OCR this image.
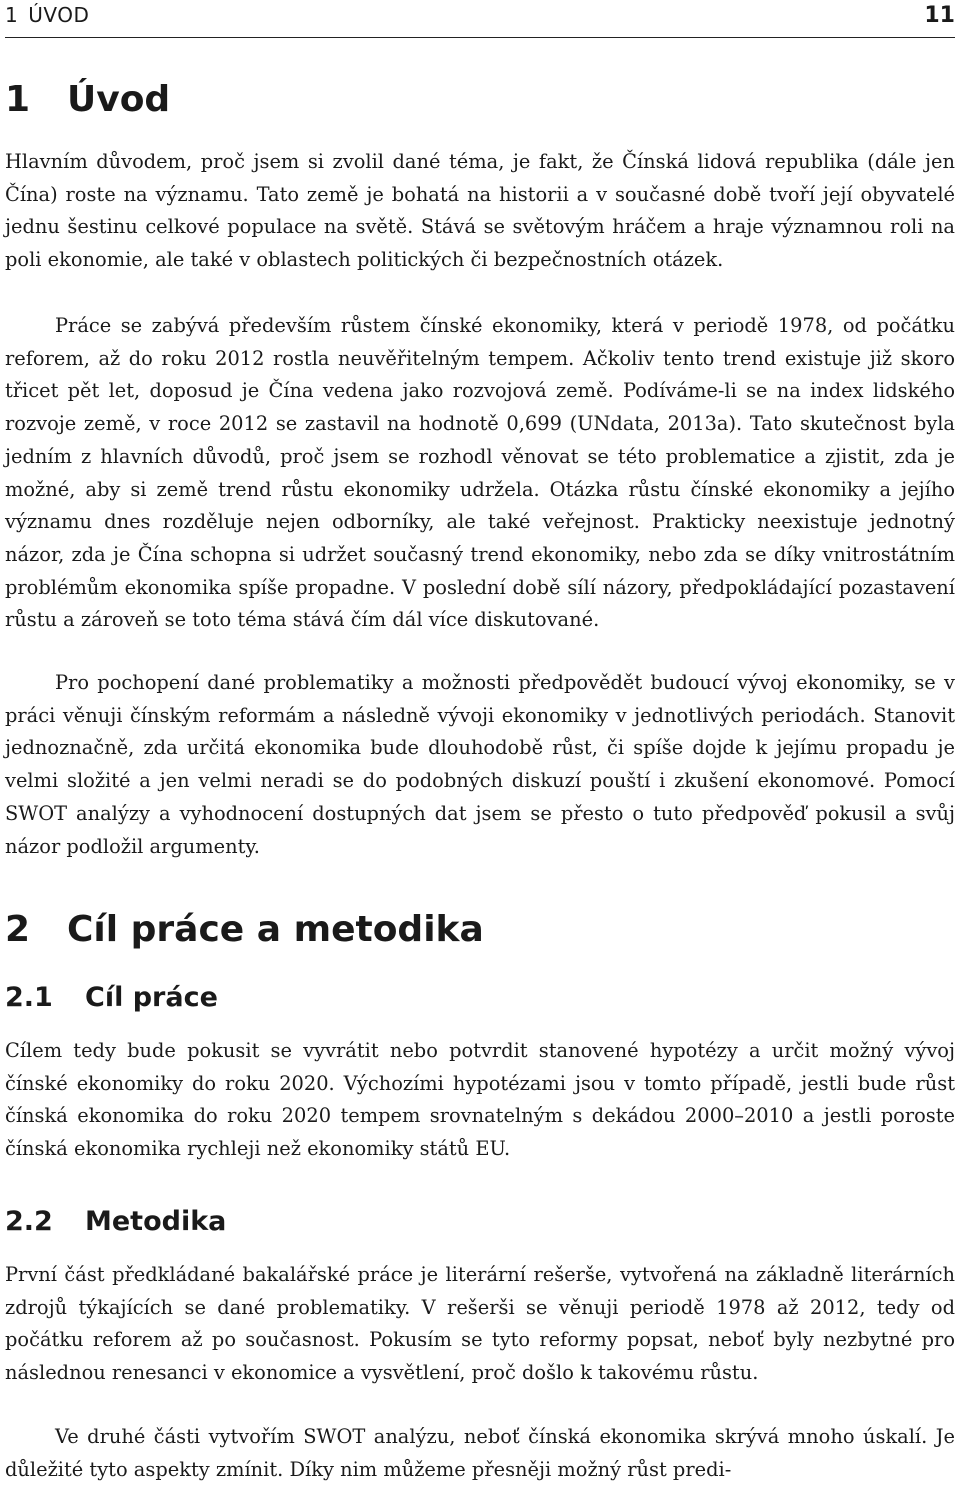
1 ÚVOD	11
1 Úvod

Hlavním důvodem, proč jsem si zvolil dané téma, je fakt, že Čínská lidová republika (dále jen Čína) roste na významu. Tato země je bohatá na historii a v současné době tvoří její obyvatelé jednu šestinu celkové populace na světě. Stává se světovým hráčem a hraje významnou roli na poli ekonomie, ale také v oblastech politických či bezpečnostních otázek.

Práce se zabývá především růstem čínské ekonomiky, která v periodě 1978, od počátku reforem, až do roku 2012 rostla neuvěřitelným tempem. Ačkoliv tento trend existuje již skoro třicet pět let, doposud je Čína vedena jako rozvojová země. Podíváme-li se na index lidského rozvoje země, v roce 2012 se zastavil na hodnotě 0,699 (UNdata, 2013a). Tato skutečnost byla jedním z hlavních důvodů, proč jsem se rozhodl věnovat se této problematice a zjistit, zda je možné, aby si země trend růstu ekonomiky udržela. Otázka růstu čínské ekonomiky a jejího významu dnes rozděluje nejen odborníky, ale také veřejnost. Prakticky neexistuje jednotný názor, zda je Čína schopna si udržet současný trend ekonomiky, nebo zda se díky vnitrostátním problémům ekonomika spíše propadne. V poslední době sílí názory, předpokládající pozastavení růstu a zároveň se toto téma stává čím dál více diskutované.

Pro pochopení dané problematiky a možnosti předpovědět budoucí vývoj ekonomiky, se v práci věnuji čínským reformám a následně vývoji ekonomiky v jednotlivých periodách. Stanovit jednoznačně, zda určitá ekonomika bude dlouhodobě růst, či spíše dojde k jejímu propadu je velmi složité a jen velmi neradi se do podobných diskuzí pouští i zkušení ekonomové. Pomocí SWOT analýzy a vyhodnocení dostupných dat jsem se přesto o tuto předpověď pokusil a svůj názor podložil argumenty.

2 Cíl práce a metodika
2.1 Cíl práce

Cílem tedy bude pokusit se vyvrátit nebo potvrdit stanovené hypotézy a určit možný vývoj čínské ekonomiky do roku 2020. Výchozími hypotézami jsou v tomto případě, jestli bude růst čínská ekonomika do roku 2020 tempem srovnatelným s dekádou 2000–2010 a jestli poroste čínská ekonomika rychleji než ekonomiky států EU.

2.2 Metodika

První část předkládané bakalářské práce je literární rešerše, vytvořená na základně literárních zdrojů týkajících se dané problematiky. V rešerši se věnuji periodě 1978 až 2012, tedy od počátku reforem až po současnost. Pokusím se tyto reformy popsat, neboť byly nezbytné pro následnou renesanci v ekonomice a vysvětlení, proč došlo k takovému růstu.

Ve druhé části vytvořím SWOT analýzu, neboť čínská ekonomika skrývá mnoho úskalí. Je důležité tyto aspekty zmínit. Díky nim můžeme přesněji možný růst predi-
